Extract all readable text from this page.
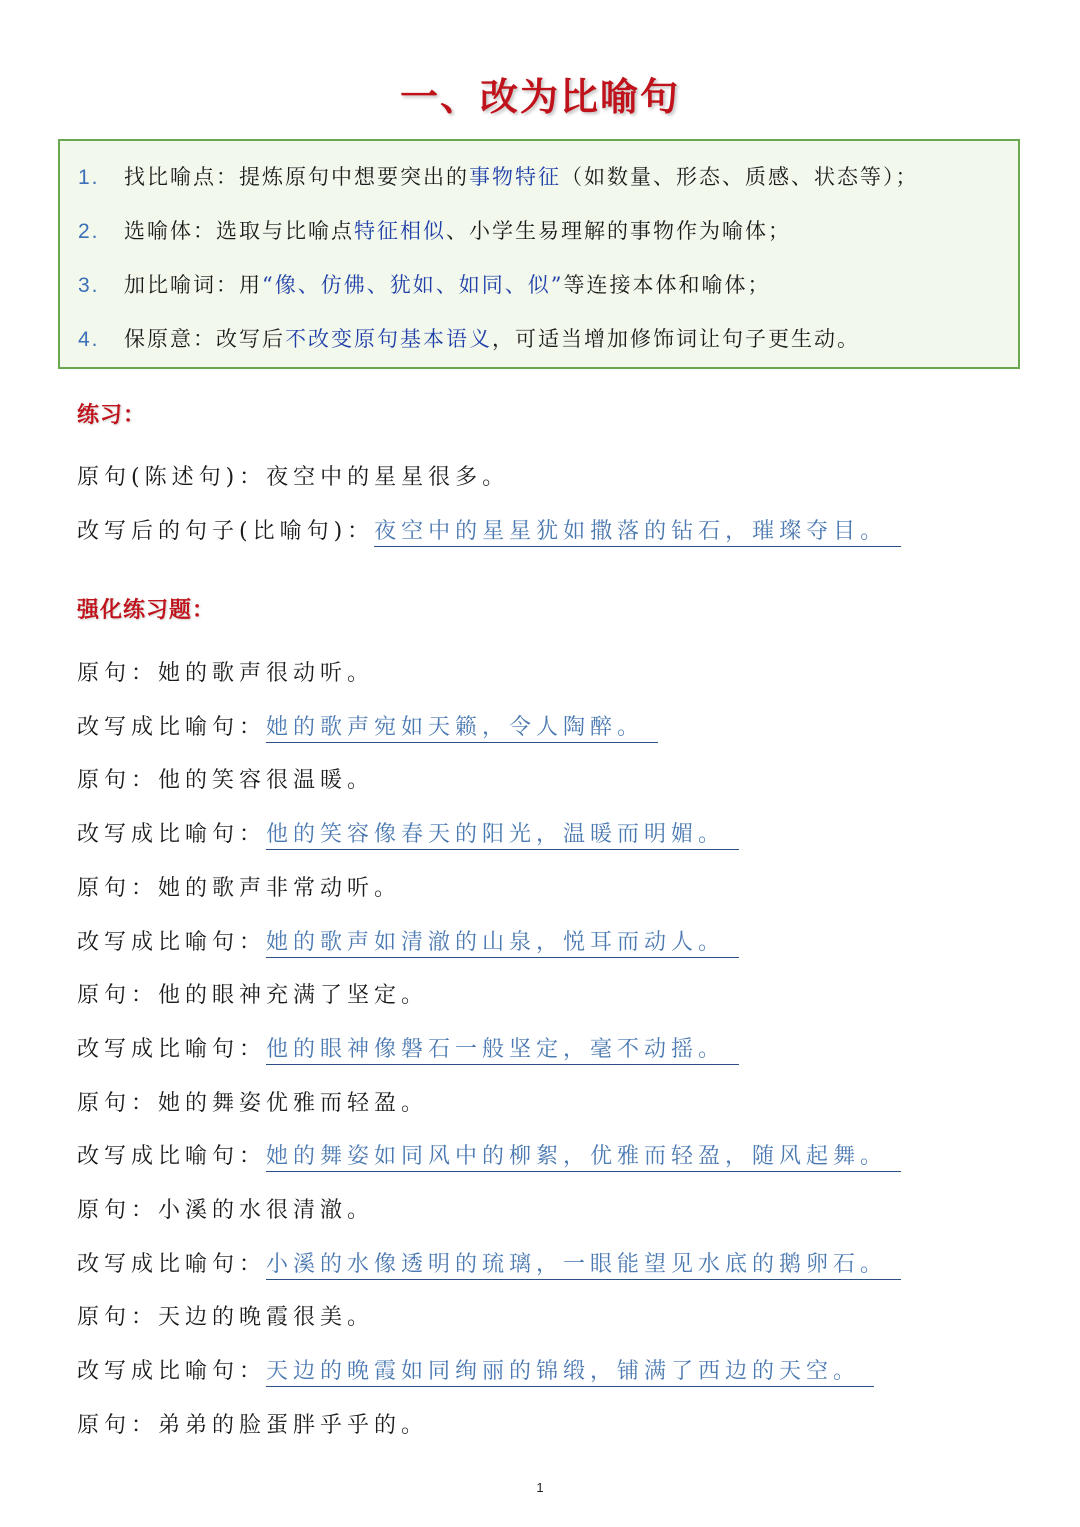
一、改为比喻句
1. 找比喻点：提炼原句中想要突出的事物特征（如数量、形态、质感、状态等）；
2. 选喻体：选取与比喻点特征相似、小学生易理解的事物作为喻体；
3. 加比喻词：用“像、仿佛、犹如、如同、似”等连接本体和喻体；
4. 保原意：改写后不改变原句基本语义，可适当增加修饰词让句子更生动。
练习：
原句(陈述句)：夜空中的星星很多。
改写后的句子(比喻句)：夜空中的星星犹如撒落的钻石，璀璨夺目。
强化练习题：
原句：她的歌声很动听。
改写成比喻句：她的歌声宛如天籁，令人陶醉。
原句：他的笑容很温暖。
改写成比喻句：他的笑容像春天的阳光，温暖而明媚。
原句：她的歌声非常动听。
改写成比喻句：她的歌声如清澈的山泉，悦耳而动人。
原句：他的眼神充满了坚定。
改写成比喻句：他的眼神像磐石一般坚定，毫不动摇。
原句：她的舞姿优雅而轻盈。
改写成比喻句：她的舞姿如同风中的柳絮，优雅而轻盈，随风起舞。
原句：小溪的水很清澈。
改写成比喻句：小溪的水像透明的琉璃，一眼能望见水底的鹅卵石。
原句：天边的晚霞很美。
改写成比喻句：天边的晚霞如同绚丽的锦缎，铺满了西边的天空。
原句：弟弟的脸蛋胖乎乎的。
1
